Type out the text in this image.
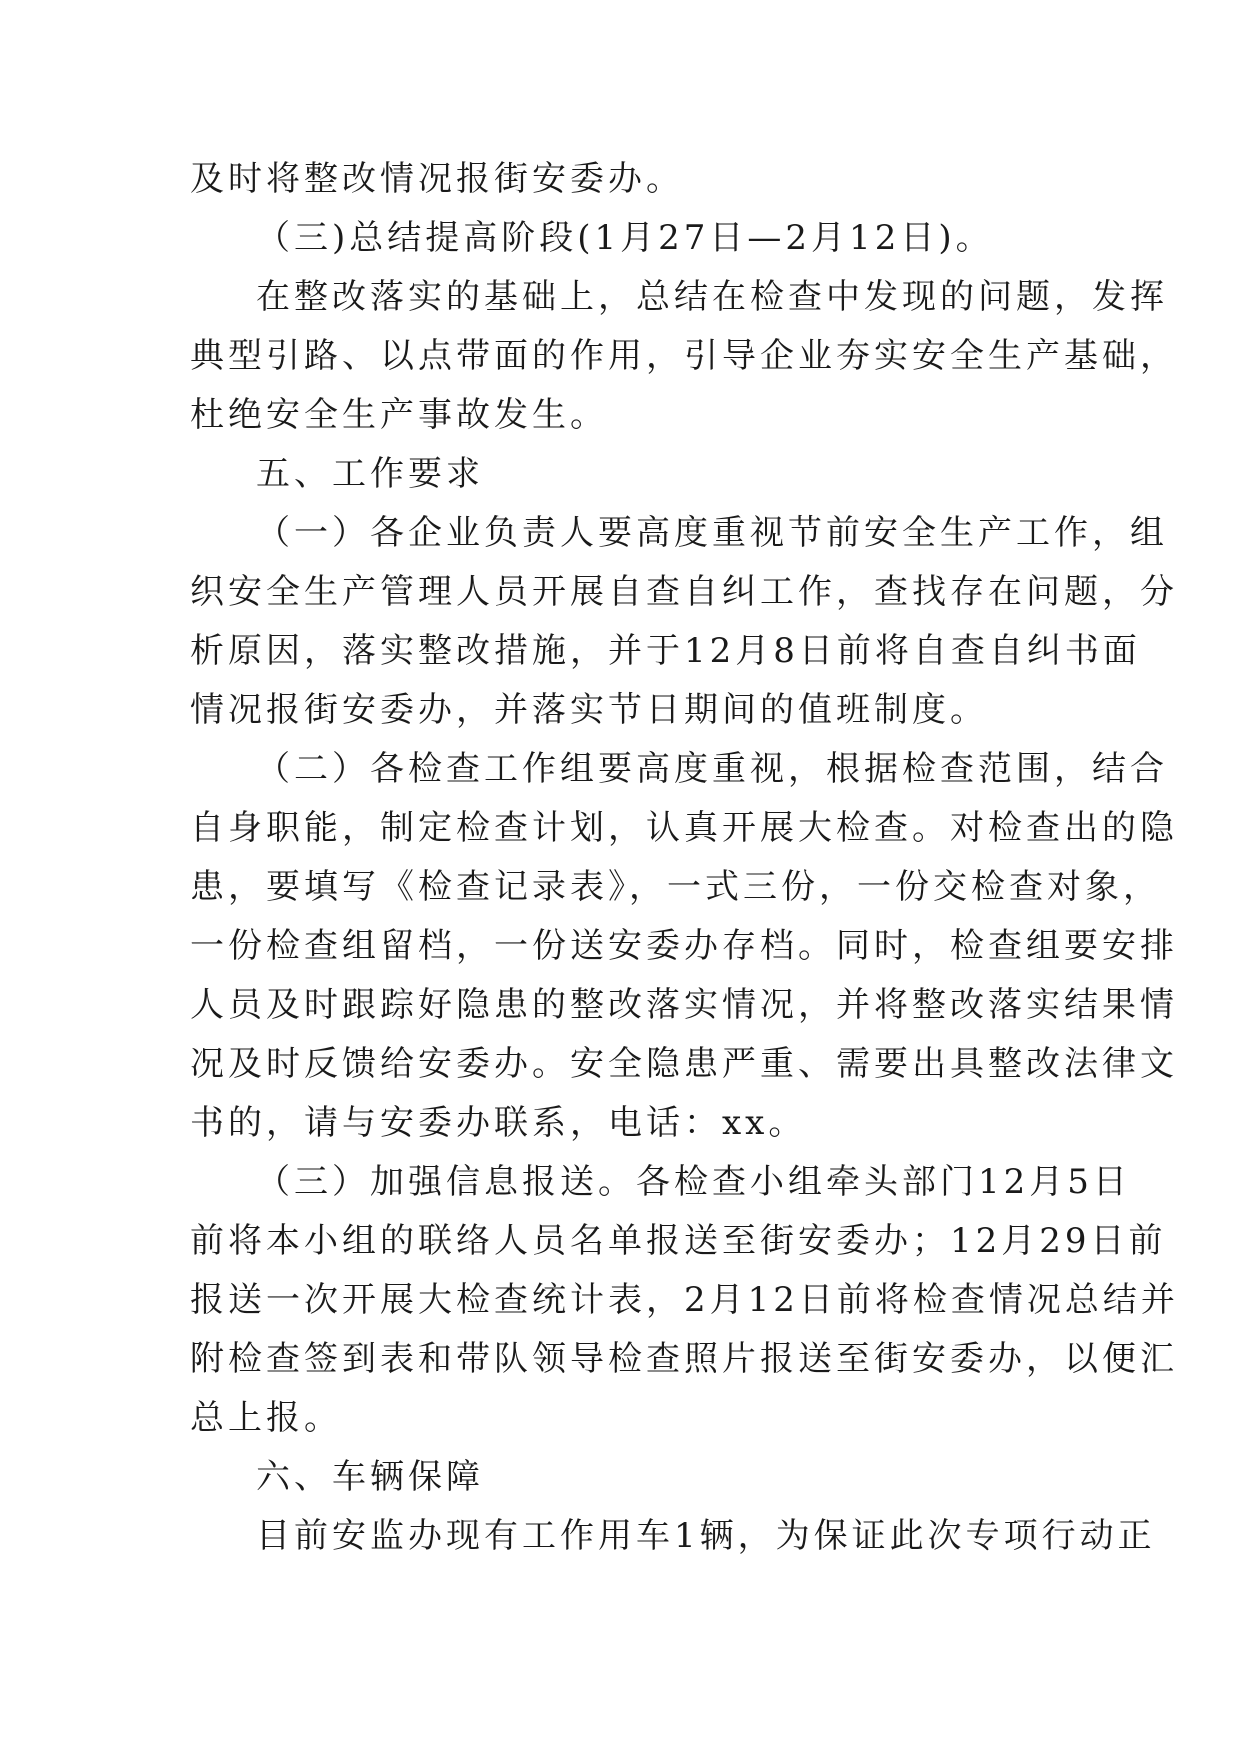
及时将整改情况报街安委办。
（三)总结提高阶段(1月27日—2月12日)。
在整改落实的基础上，总结在检查中发现的问题，发挥
典型引路、以点带面的作用，引导企业夯实安全生产基础，
杜绝安全生产事故发生。
五、工作要求
（一）各企业负责人要高度重视节前安全生产工作，组
织安全生产管理人员开展自查自纠工作，查找存在问题，分
析原因，落实整改措施，并于12月8日前将自查自纠书面
情况报街安委办，并落实节日期间的值班制度。
（二）各检查工作组要高度重视，根据检查范围，结合
自身职能，制定检查计划，认真开展大检查。对检查出的隐
患，要填写《检查记录表》，一式三份，一份交检查对象，
一份检查组留档，一份送安委办存档。同时，检查组要安排
人员及时跟踪好隐患的整改落实情况，并将整改落实结果情
况及时反馈给安委办。安全隐患严重、需要出具整改法律文
书的，请与安委办联系，电话：xx。
（三）加强信息报送。各检查小组牵头部门12月5日
前将本小组的联络人员名单报送至街安委办；12月29日前
报送一次开展大检查统计表，2月12日前将检查情况总结并
附检查签到表和带队领导检查照片报送至街安委办，以便汇
总上报。
六、车辆保障
目前安监办现有工作用车1辆，为保证此次专项行动正
